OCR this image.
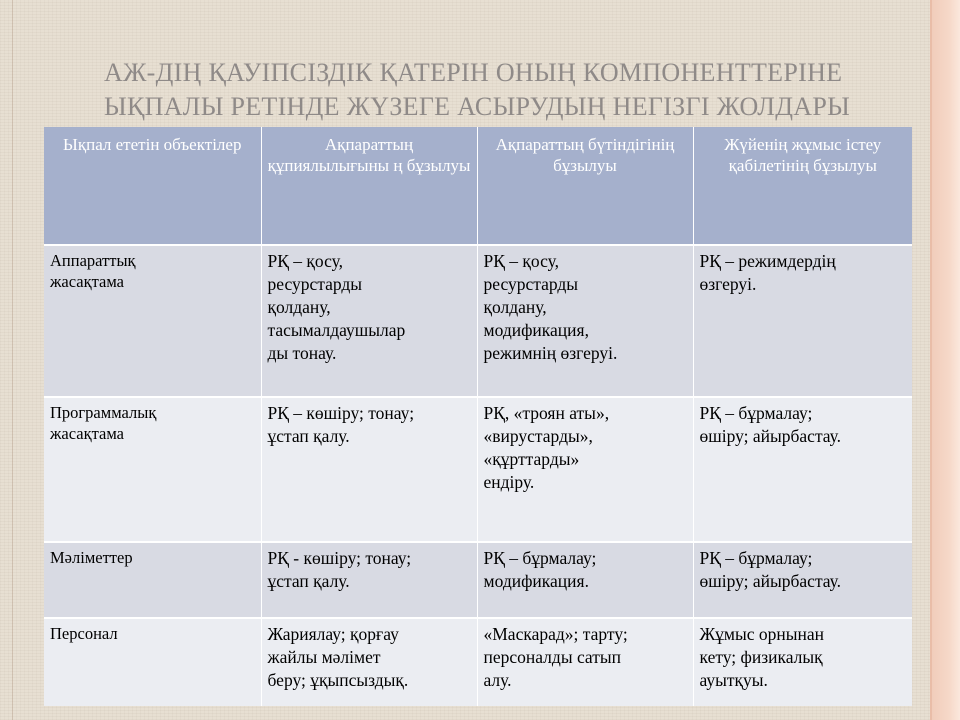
АЖ-ДІҢ ҚАУІПСІЗДІК ҚАТЕРІН ОНЫҢ КОМПОНЕНТТЕРІНЕ
ЫҚПАЛЫ РЕТІНДЕ ЖҮЗЕГЕ АСЫРУДЫҢ НЕГІЗГІ ЖОЛДАРЫ
Ықпал ететін объектілер	Ақпараттың құпиялылығыны ң бұзылуы	Ақпараттың бүтіндігінің бұзылуы	Жүйенің жұмыс істеу қабілетінің бұзылуы

Аппараттық
жасақтама	РҚ – қосу,
ресурстарды
қолдану,
тасымалдаушылар
ды тонау.	РҚ – қосу,
ресурстарды
қолдану,
модификация,
режимнің өзгеруі.	РҚ – режимдердің
өзгеруі.

Программалық
жасақтама	РҚ – көшіру; тонау;
ұстап қалу.	РҚ, «троян аты»,
«вирустарды»,
«құрттарды»
ендіру.	РҚ – бұрмалау;
өшіру; айырбастау.

Мәліметтер	РҚ - көшіру; тонау;
ұстап қалу.	РҚ – бұрмалау;
модификация.	РҚ – бұрмалау;
өшіру; айырбастау.

Персонал	Жариялау; қорғау
жайлы мәлімет
беру; ұқыпсыздық.	«Маскарад»; тарту;
персоналды сатып
алу.	Жұмыс орнынан
кету; физикалық
ауытқуы.
